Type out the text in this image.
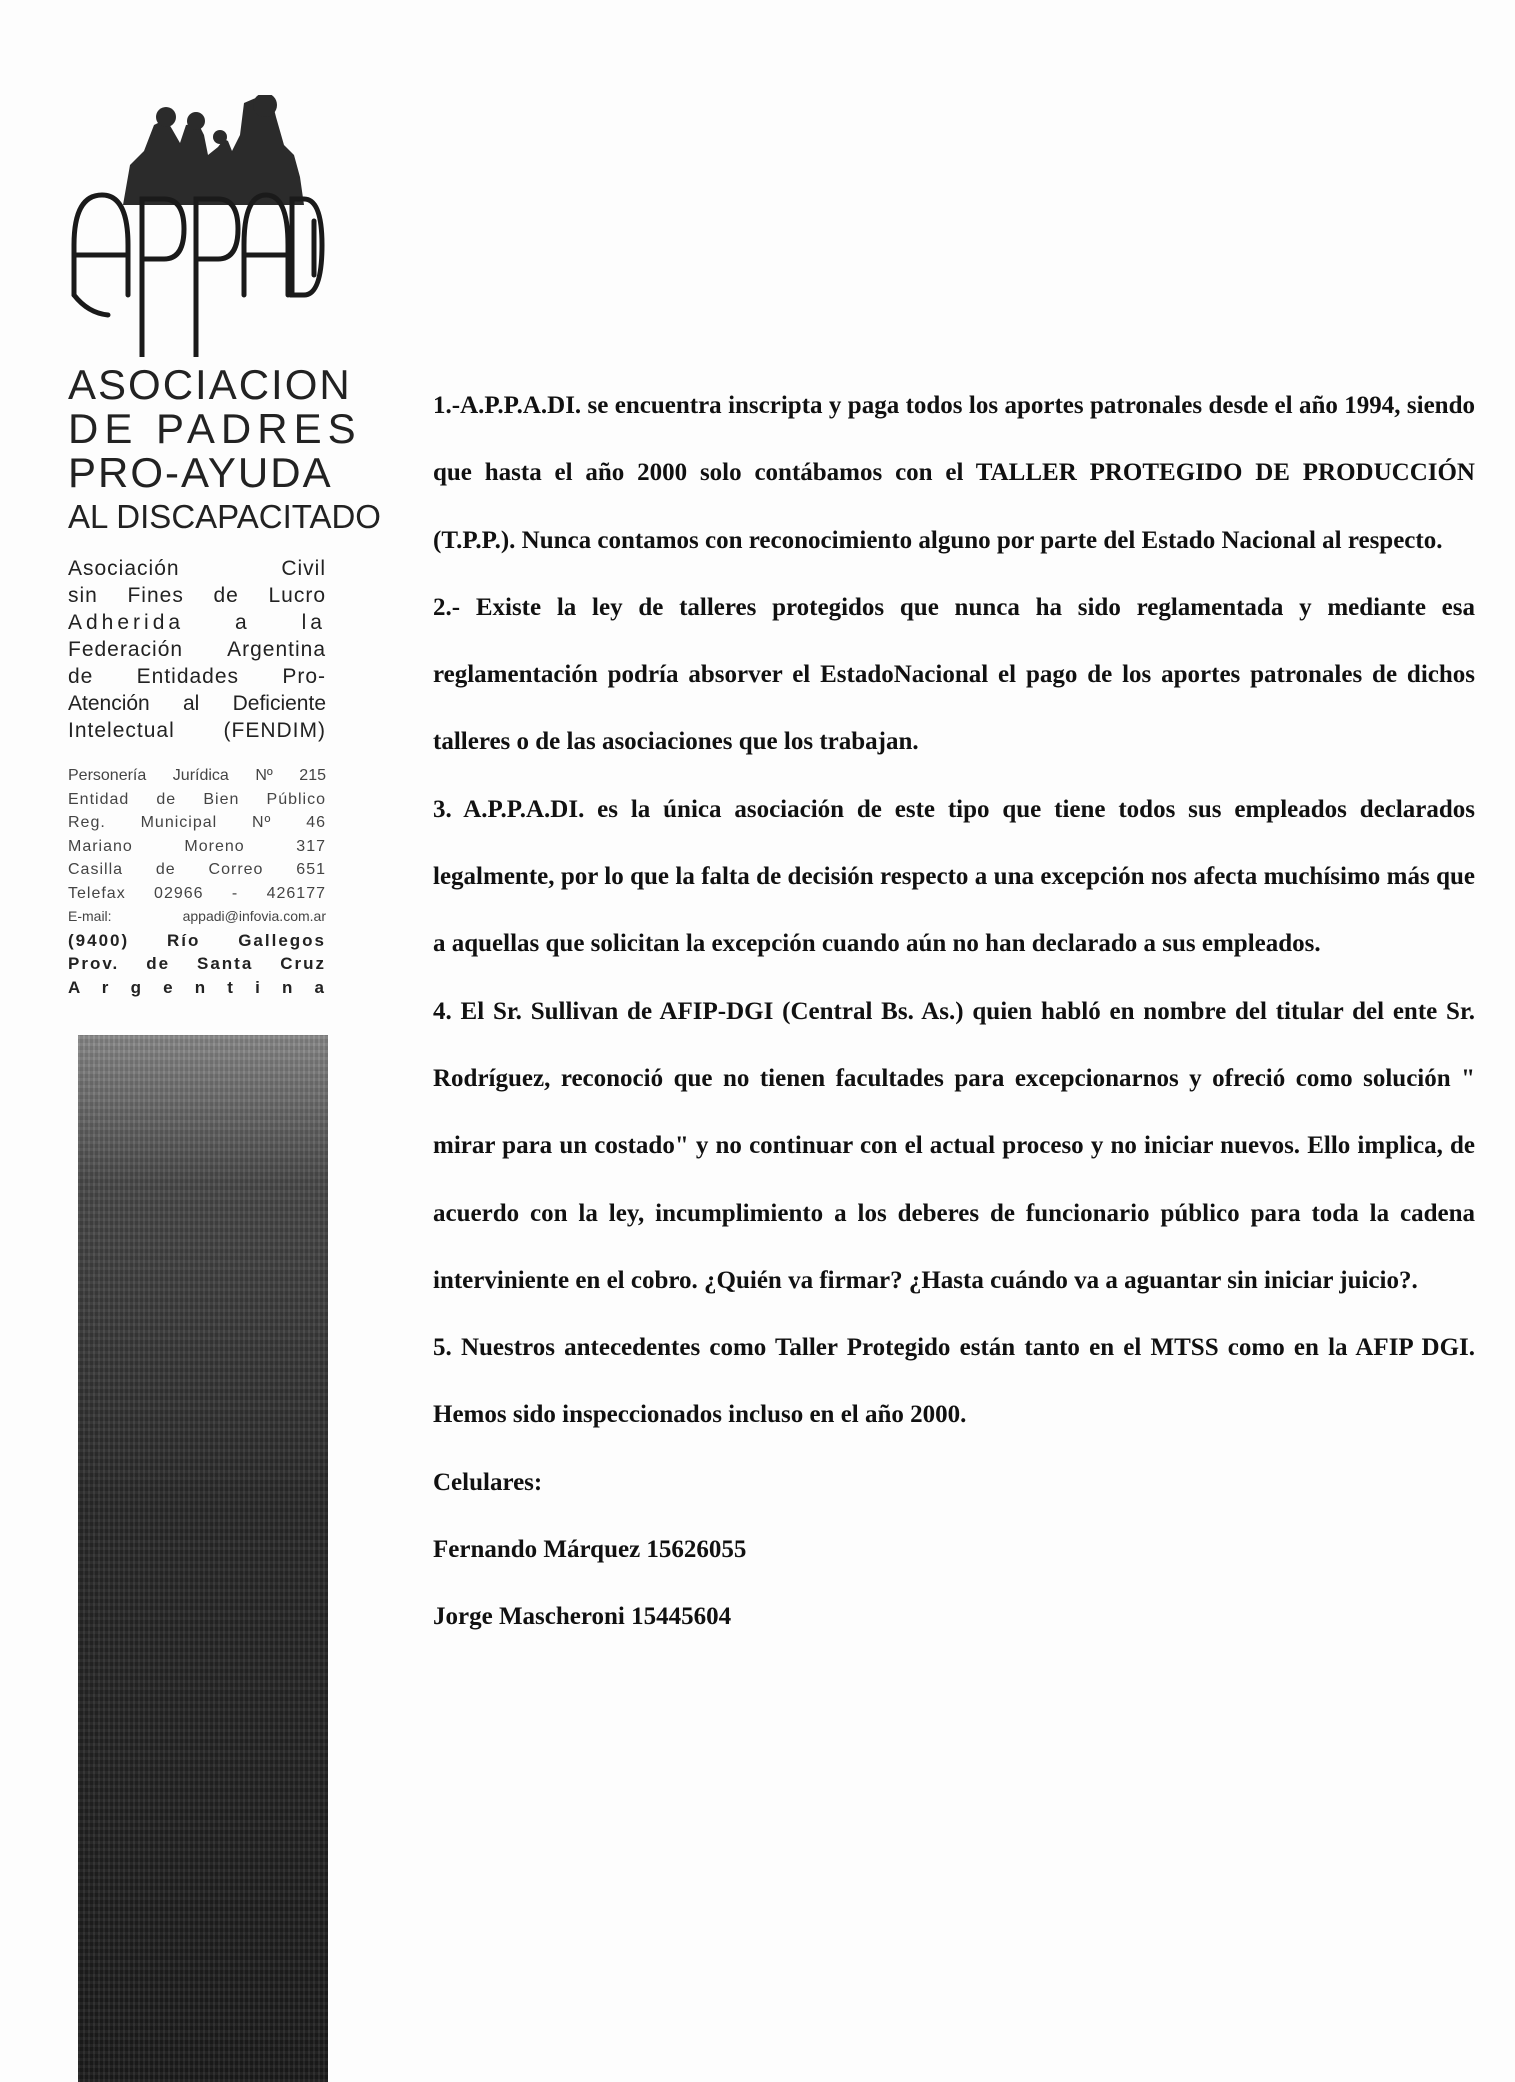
APPADI
ASOCIACION
DE PADRES
PRO-AYUDA
AL DISCAPACITADO
Asociación Civil
sin Fines de Lucro
Adherida a la
Federación Argentina
de Entidades Pro-
Atención al Deficiente
Intelectual (FENDIM)
Personería Jurídica Nº 215
Entidad de Bien Público
Reg. Municipal Nº 46
Mariano Moreno 317
Casilla de Correo 651
Telefax 02966 - 426177
E-mail: appadi@infovia.com.ar
(9400) Río Gallegos
Prov. de Santa Cruz
A r g e n t i n a

1.-A.P.P.A.DI. se encuentra inscripta y paga todos los aportes patronales desde el año 1994, siendo que hasta el año 2000 solo contábamos con el TALLER PROTEGIDO DE PRODUCCIÓN (T.P.P.). Nunca contamos con reconocimiento alguno por parte del Estado Nacional al respecto.

2.- Existe la ley de talleres protegidos que nunca ha sido reglamentada y mediante esa reglamentación podría absorver el EstadoNacional el pago de los aportes patronales de dichos talleres o de las asociaciones que los trabajan.

3. A.P.P.A.DI. es la única asociación de este tipo que tiene todos sus empleados declarados legalmente, por lo que la falta de decisión respecto a una excepción nos afecta muchísimo más que a aquellas que solicitan la excepción cuando aún no han declarado a sus empleados.

4. El Sr. Sullivan de AFIP-DGI (Central Bs. As.) quien habló en nombre del titular del ente Sr. Rodríguez, reconoció que no tienen facultades para excepcionarnos y ofreció como solución " mirar para un costado" y no continuar con el actual proceso y no iniciar nuevos. Ello implica, de acuerdo con la ley, incumplimiento a los deberes de funcionario público para toda la cadena interviniente en el cobro. ¿Quién va firmar? ¿Hasta cuándo va a aguantar sin iniciar juicio?.

5. Nuestros antecedentes como Taller Protegido están tanto en el MTSS como en la AFIP DGI. Hemos sido inspeccionados incluso en el año 2000.

Celulares:

Fernando Márquez 15626055

Jorge Mascheroni 15445604
